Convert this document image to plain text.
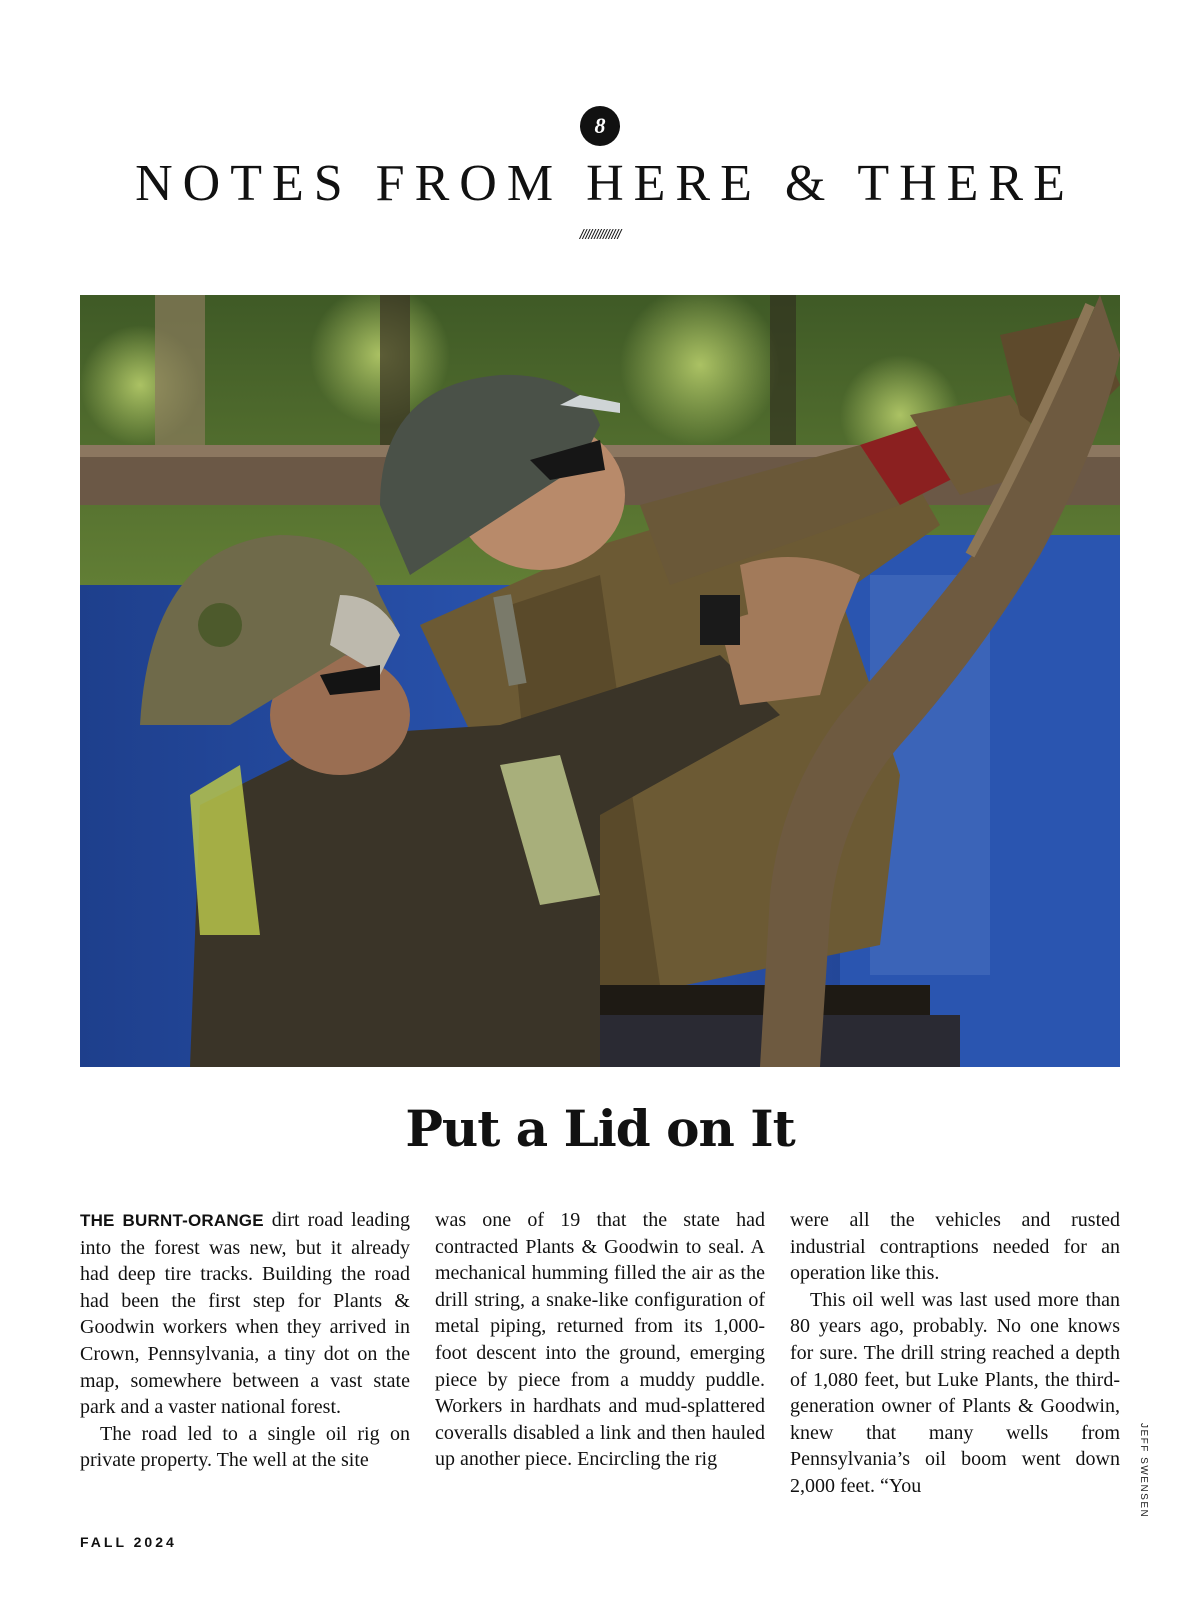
8
NOTES FROM HERE & THERE
//////////////
Put a Lid on It

THE BURNT-ORANGE dirt road leading into the forest was new, but it already had deep tire tracks. Building the road had been the first step for Plants & Goodwin workers when they arrived in Crown, Pennsylvania, a tiny dot on the map, somewhere between a vast state park and a vaster national forest.

The road led to a single oil rig on private property. The well at the site

was one of 19 that the state had contracted Plants & Goodwin to seal. A mechanical humming filled the air as the drill string, a snake-like configuration of metal piping, returned from its 1,000-foot descent into the ground, emerging piece by piece from a muddy puddle. Workers in hardhats and mud-splattered coveralls disabled a link and then hauled up another piece. Encircling the rig

were all the vehicles and rusted industrial contraptions needed for an operation like this.

This oil well was last used more than 80 years ago, probably. No one knows for sure. The drill string reached a depth of 1,080 feet, but Luke Plants, the third-generation owner of Plants & Goodwin, knew that many wells from Pennsylvania’s oil boom went down 2,000 feet. “You	JEFF SWENSEN
FALL 2024
